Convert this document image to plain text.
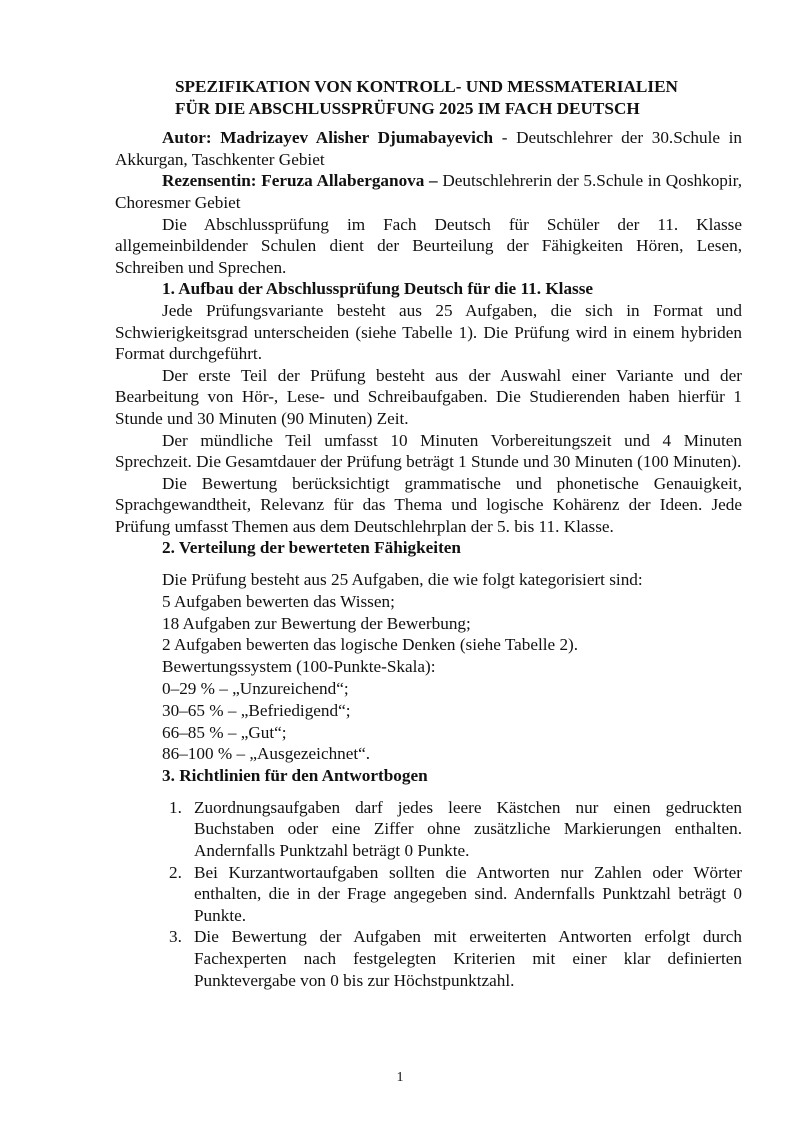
SPEZIFIKATION VON KONTROLL- UND MESSMATERIALIEN
FÜR DIE ABSCHLUSSPRÜFUNG 2025 IM FACH DEUTSCH

Autor: Madrizayev Alisher Djumabayevich - Deutschlehrer der 30.Schule in Akkurgan, Taschkenter Gebiet

Rezensentin: Feruza Allaberganova – Deutschlehrerin der 5.Schule in Qoshkopir, Choresmer Gebiet

Die Abschlussprüfung im Fach Deutsch für Schüler der 11. Klasse allgemeinbildender Schulen dient der Beurteilung der Fähigkeiten Hören, Lesen, Schreiben und Sprechen.

1. Aufbau der Abschlussprüfung Deutsch für die 11. Klasse

Jede Prüfungsvariante besteht aus 25 Aufgaben, die sich in Format und Schwierigkeitsgrad unterscheiden (siehe Tabelle 1). Die Prüfung wird in einem hybriden Format durchgeführt.

Der erste Teil der Prüfung besteht aus der Auswahl einer Variante und der Bearbeitung von Hör-, Lese- und Schreibaufgaben. Die Studierenden haben hierfür 1 Stunde und 30 Minuten (90 Minuten) Zeit.

Der mündliche Teil umfasst 10 Minuten Vorbereitungszeit und 4 Minuten Sprechzeit. Die Gesamtdauer der Prüfung beträgt 1 Stunde und 30 Minuten (100 Minuten).

Die Bewertung berücksichtigt grammatische und phonetische Genauigkeit, Sprachgewandtheit, Relevanz für das Thema und logische Kohärenz der Ideen. Jede Prüfung umfasst Themen aus dem Deutschlehrplan der 5. bis 11. Klasse.

2. Verteilung der bewerteten Fähigkeiten
Die Prüfung besteht aus 25 Aufgaben, die wie folgt kategorisiert sind:
5 Aufgaben bewerten das Wissen;
18 Aufgaben zur Bewertung der Bewerbung;
2 Aufgaben bewerten das logische Denken (siehe Tabelle 2).
Bewertungssystem (100-Punkte-Skala):
0–29 % – „Unzureichend“;
30–65 % – „Befriedigend“;
66–85 % – „Gut“;
86–100 % – „Ausgezeichnet“.
3. Richtlinien für den Antwortbogen
1. Zuordnungsaufgaben darf jedes leere Kästchen nur einen gedruckten Buchstaben oder eine Ziffer ohne zusätzliche Markierungen enthalten. Andernfalls Punktzahl beträgt 0 Punkte.
2. Bei Kurzantwortaufgaben sollten die Antworten nur Zahlen oder Wörter enthalten, die in der Frage angegeben sind. Andernfalls Punktzahl beträgt 0 Punkte.
3. Die Bewertung der Aufgaben mit erweiterten Antworten erfolgt durch Fachexperten nach festgelegten Kriterien mit einer klar definierten Punktevergabe von 0 bis zur Höchstpunktzahl.
1
